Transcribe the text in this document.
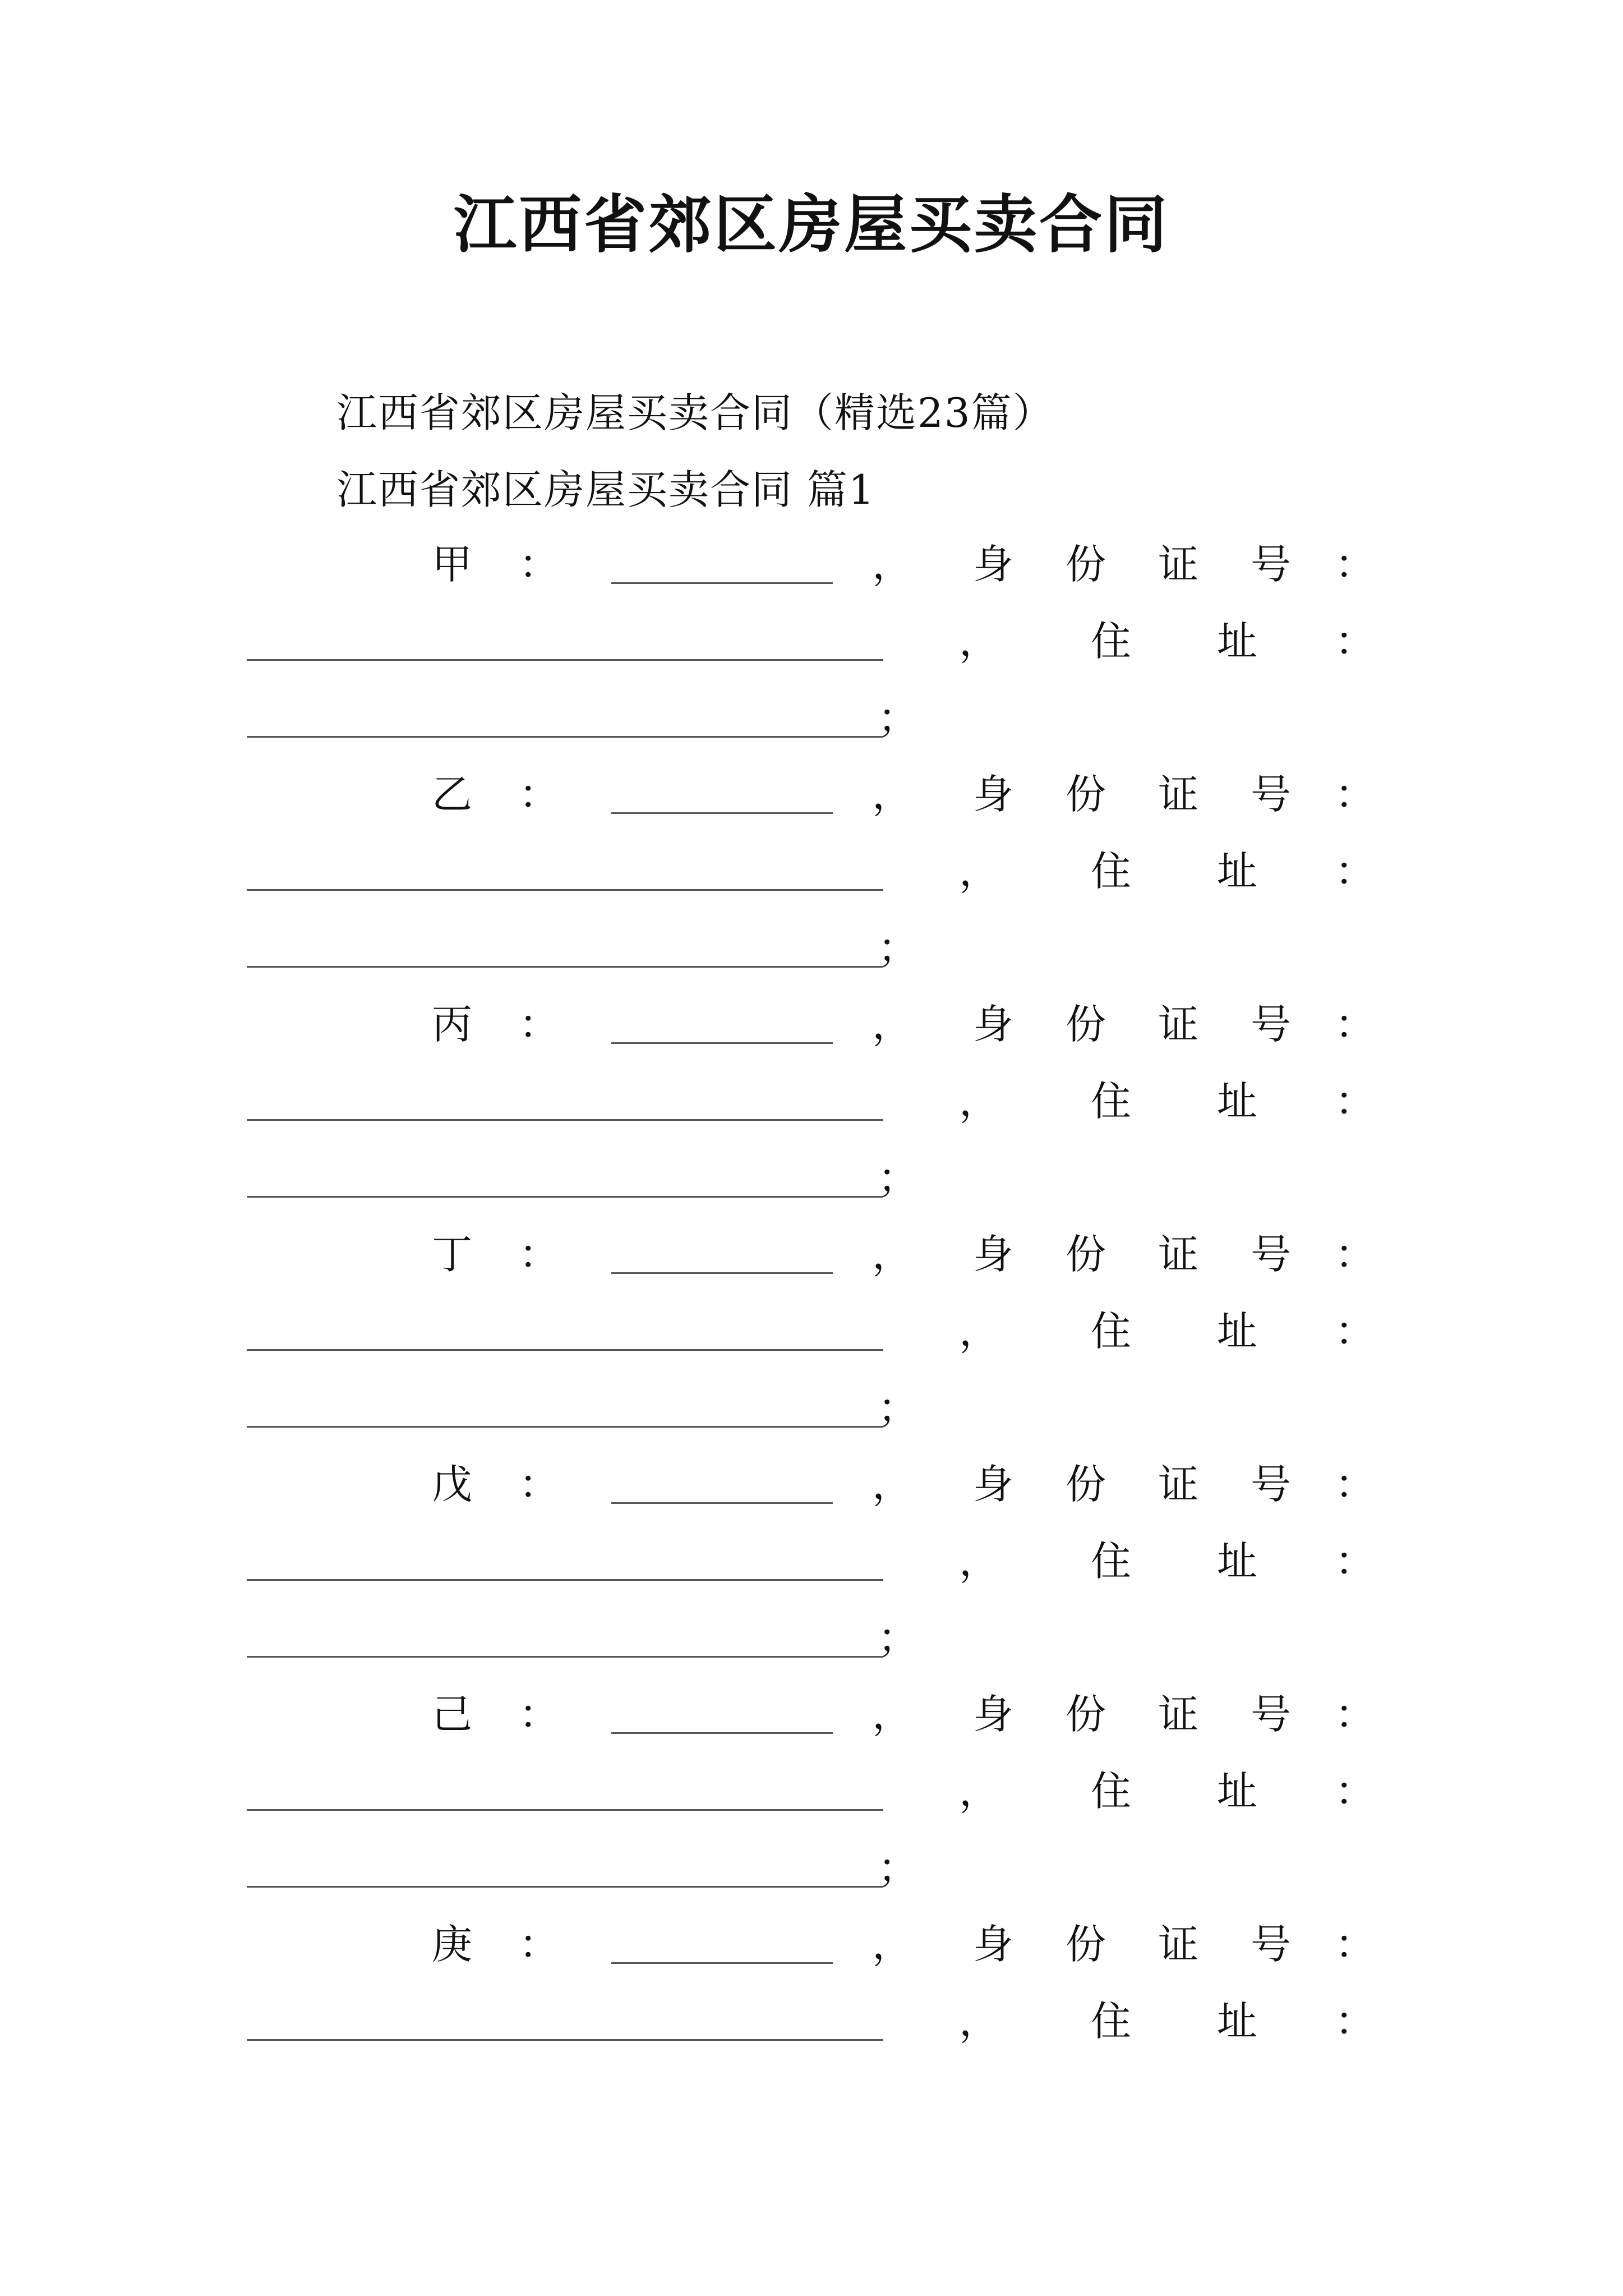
江西省郊区房屋买卖合同

江西省郊区房屋买卖合同（精选23篇）

江西省郊区房屋买卖合同 篇1

甲 ：	， 身 份 证 号 ：
， 住 址 ：
；
乙 ：	， 身 份 证 号 ：
， 住 址 ：
；
丙 ：	， 身 份 证 号 ：
， 住 址 ：
；
丁 ：	， 身 份 证 号 ：
， 住 址 ：
；
戊 ：	， 身 份 证 号 ：
， 住 址 ：
；
己 ：	， 身 份 证 号 ：
， 住 址 ：
；
庚 ：	， 身 份 证 号 ：
， 住 址 ：
